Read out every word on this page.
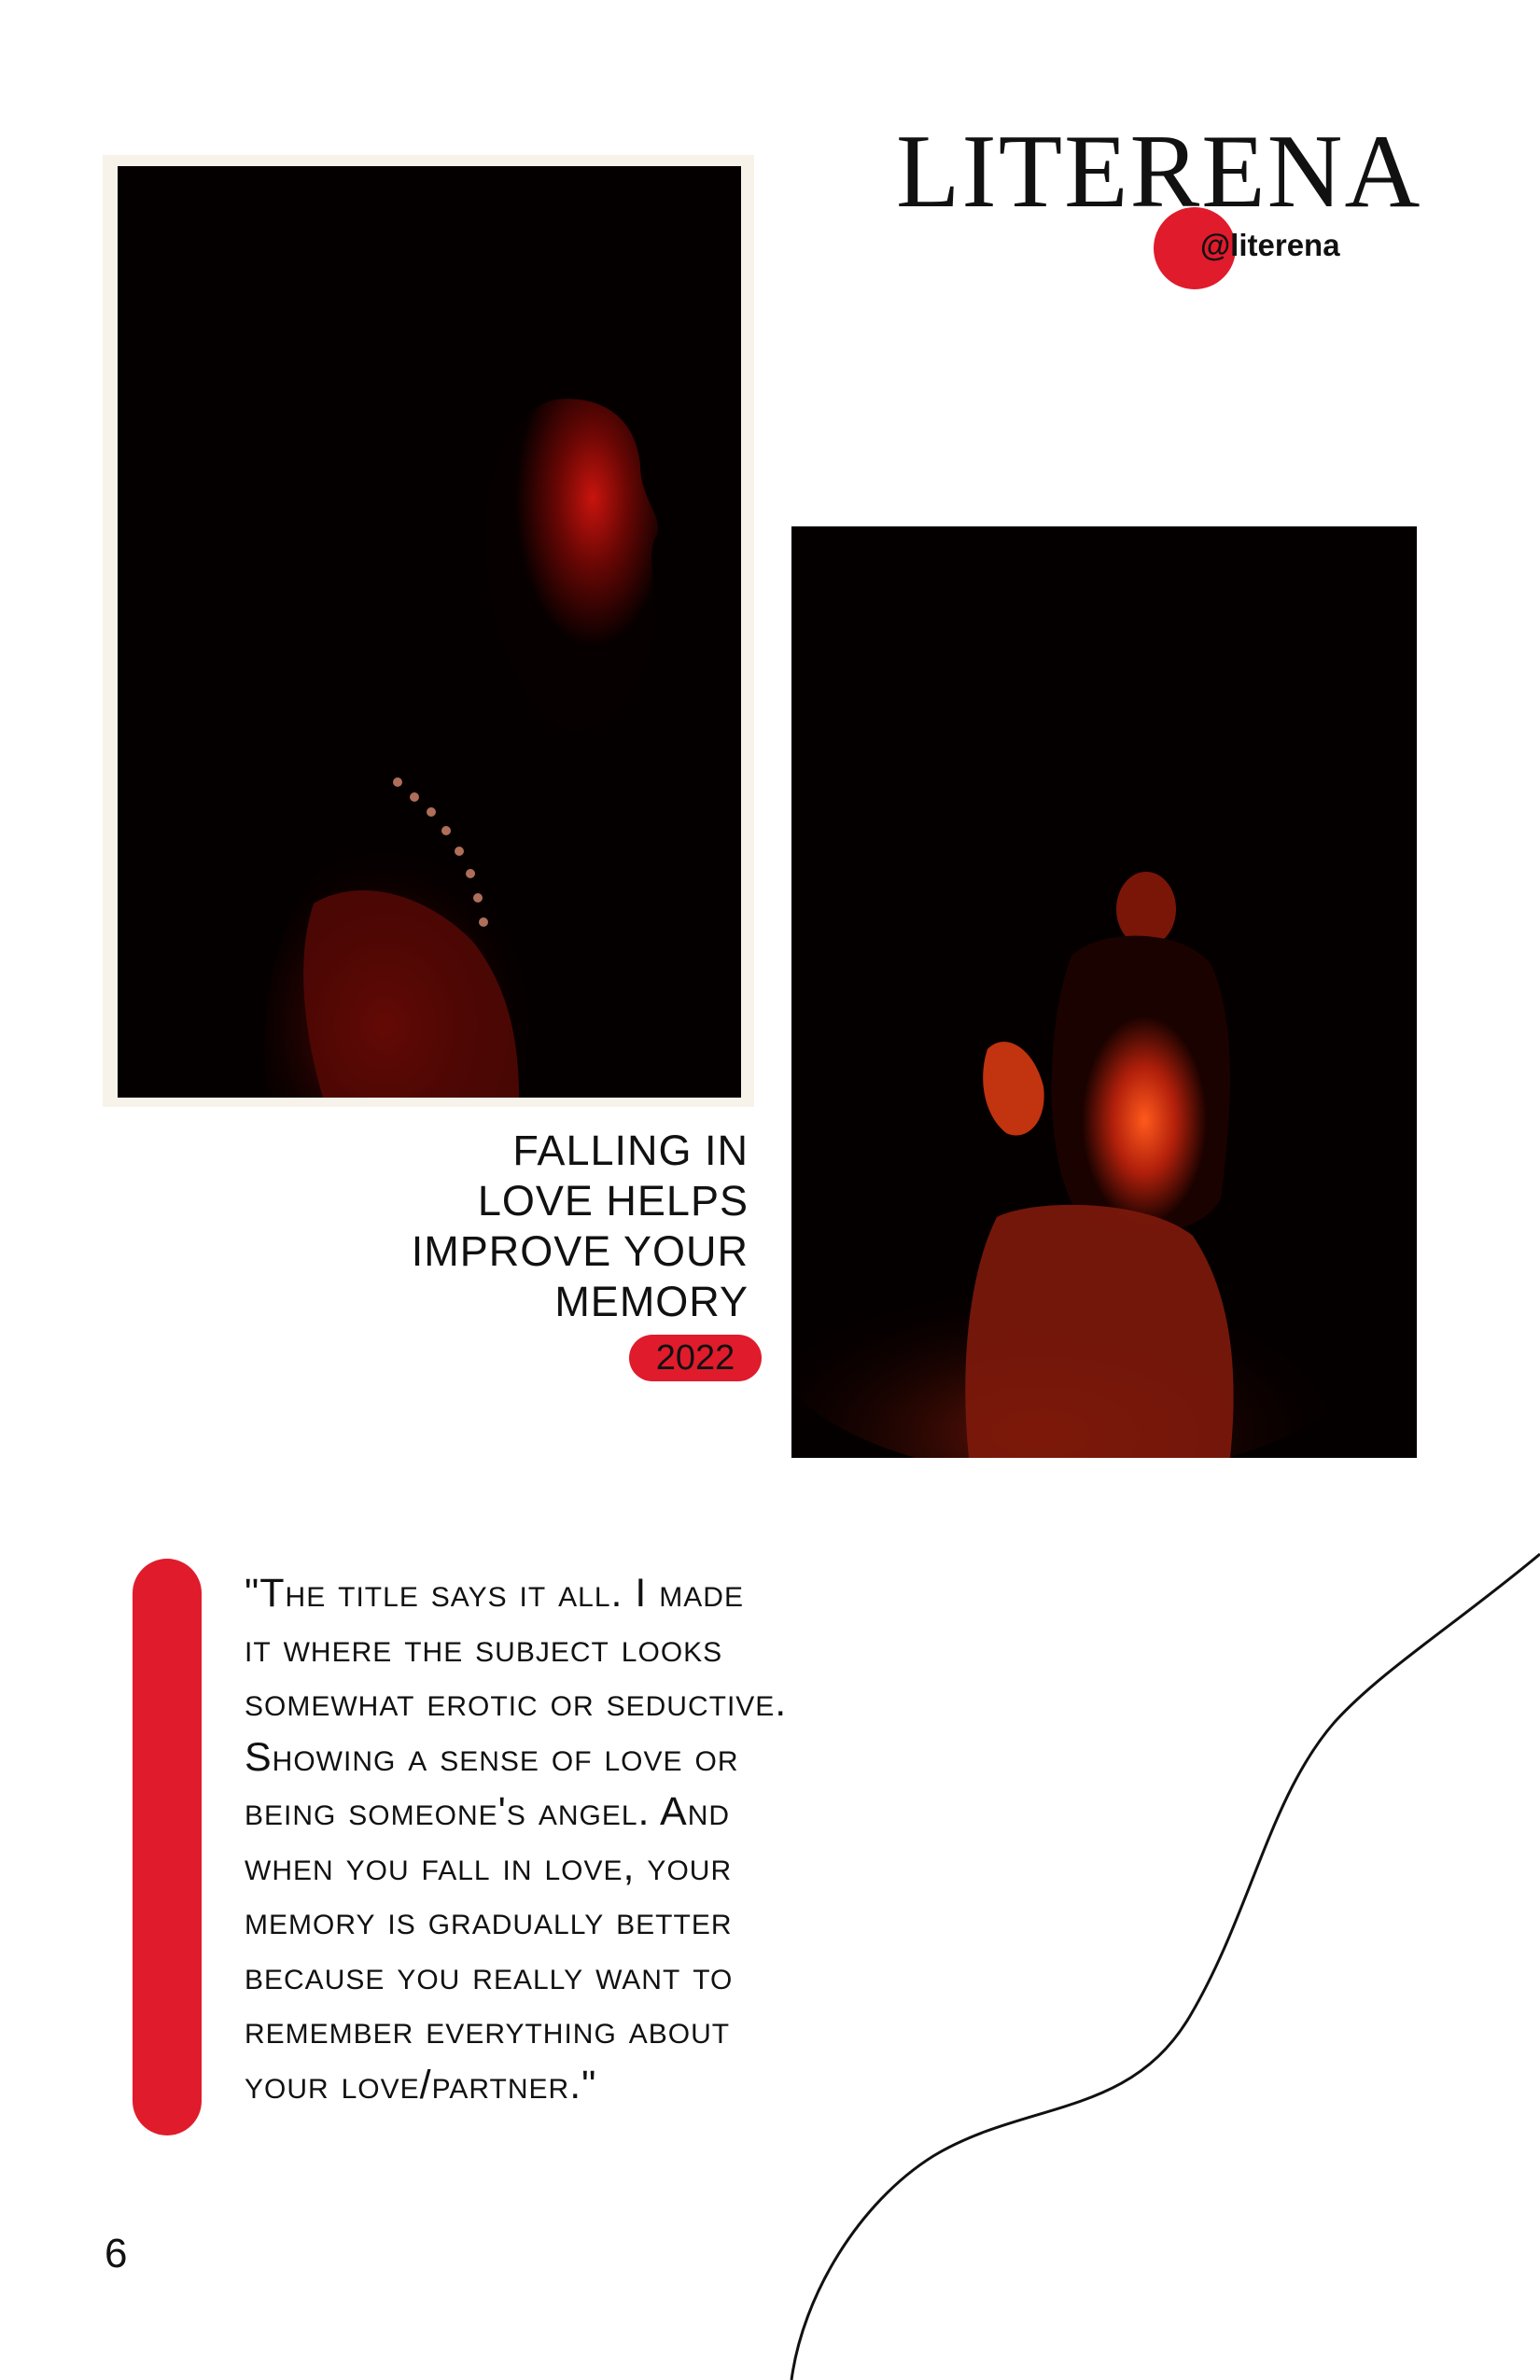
LITERENA
@literena
FALLING IN
LOVE HELPS
IMPROVE YOUR
MEMORY
2022
"The title says it all. I made
it where the subject looks
somewhat erotic or seductive.
Showing a sense of love or
being someone's angel. And
when you fall in love, your
memory is gradually better
because you really want to
remember everything about
your love/partner."
6
